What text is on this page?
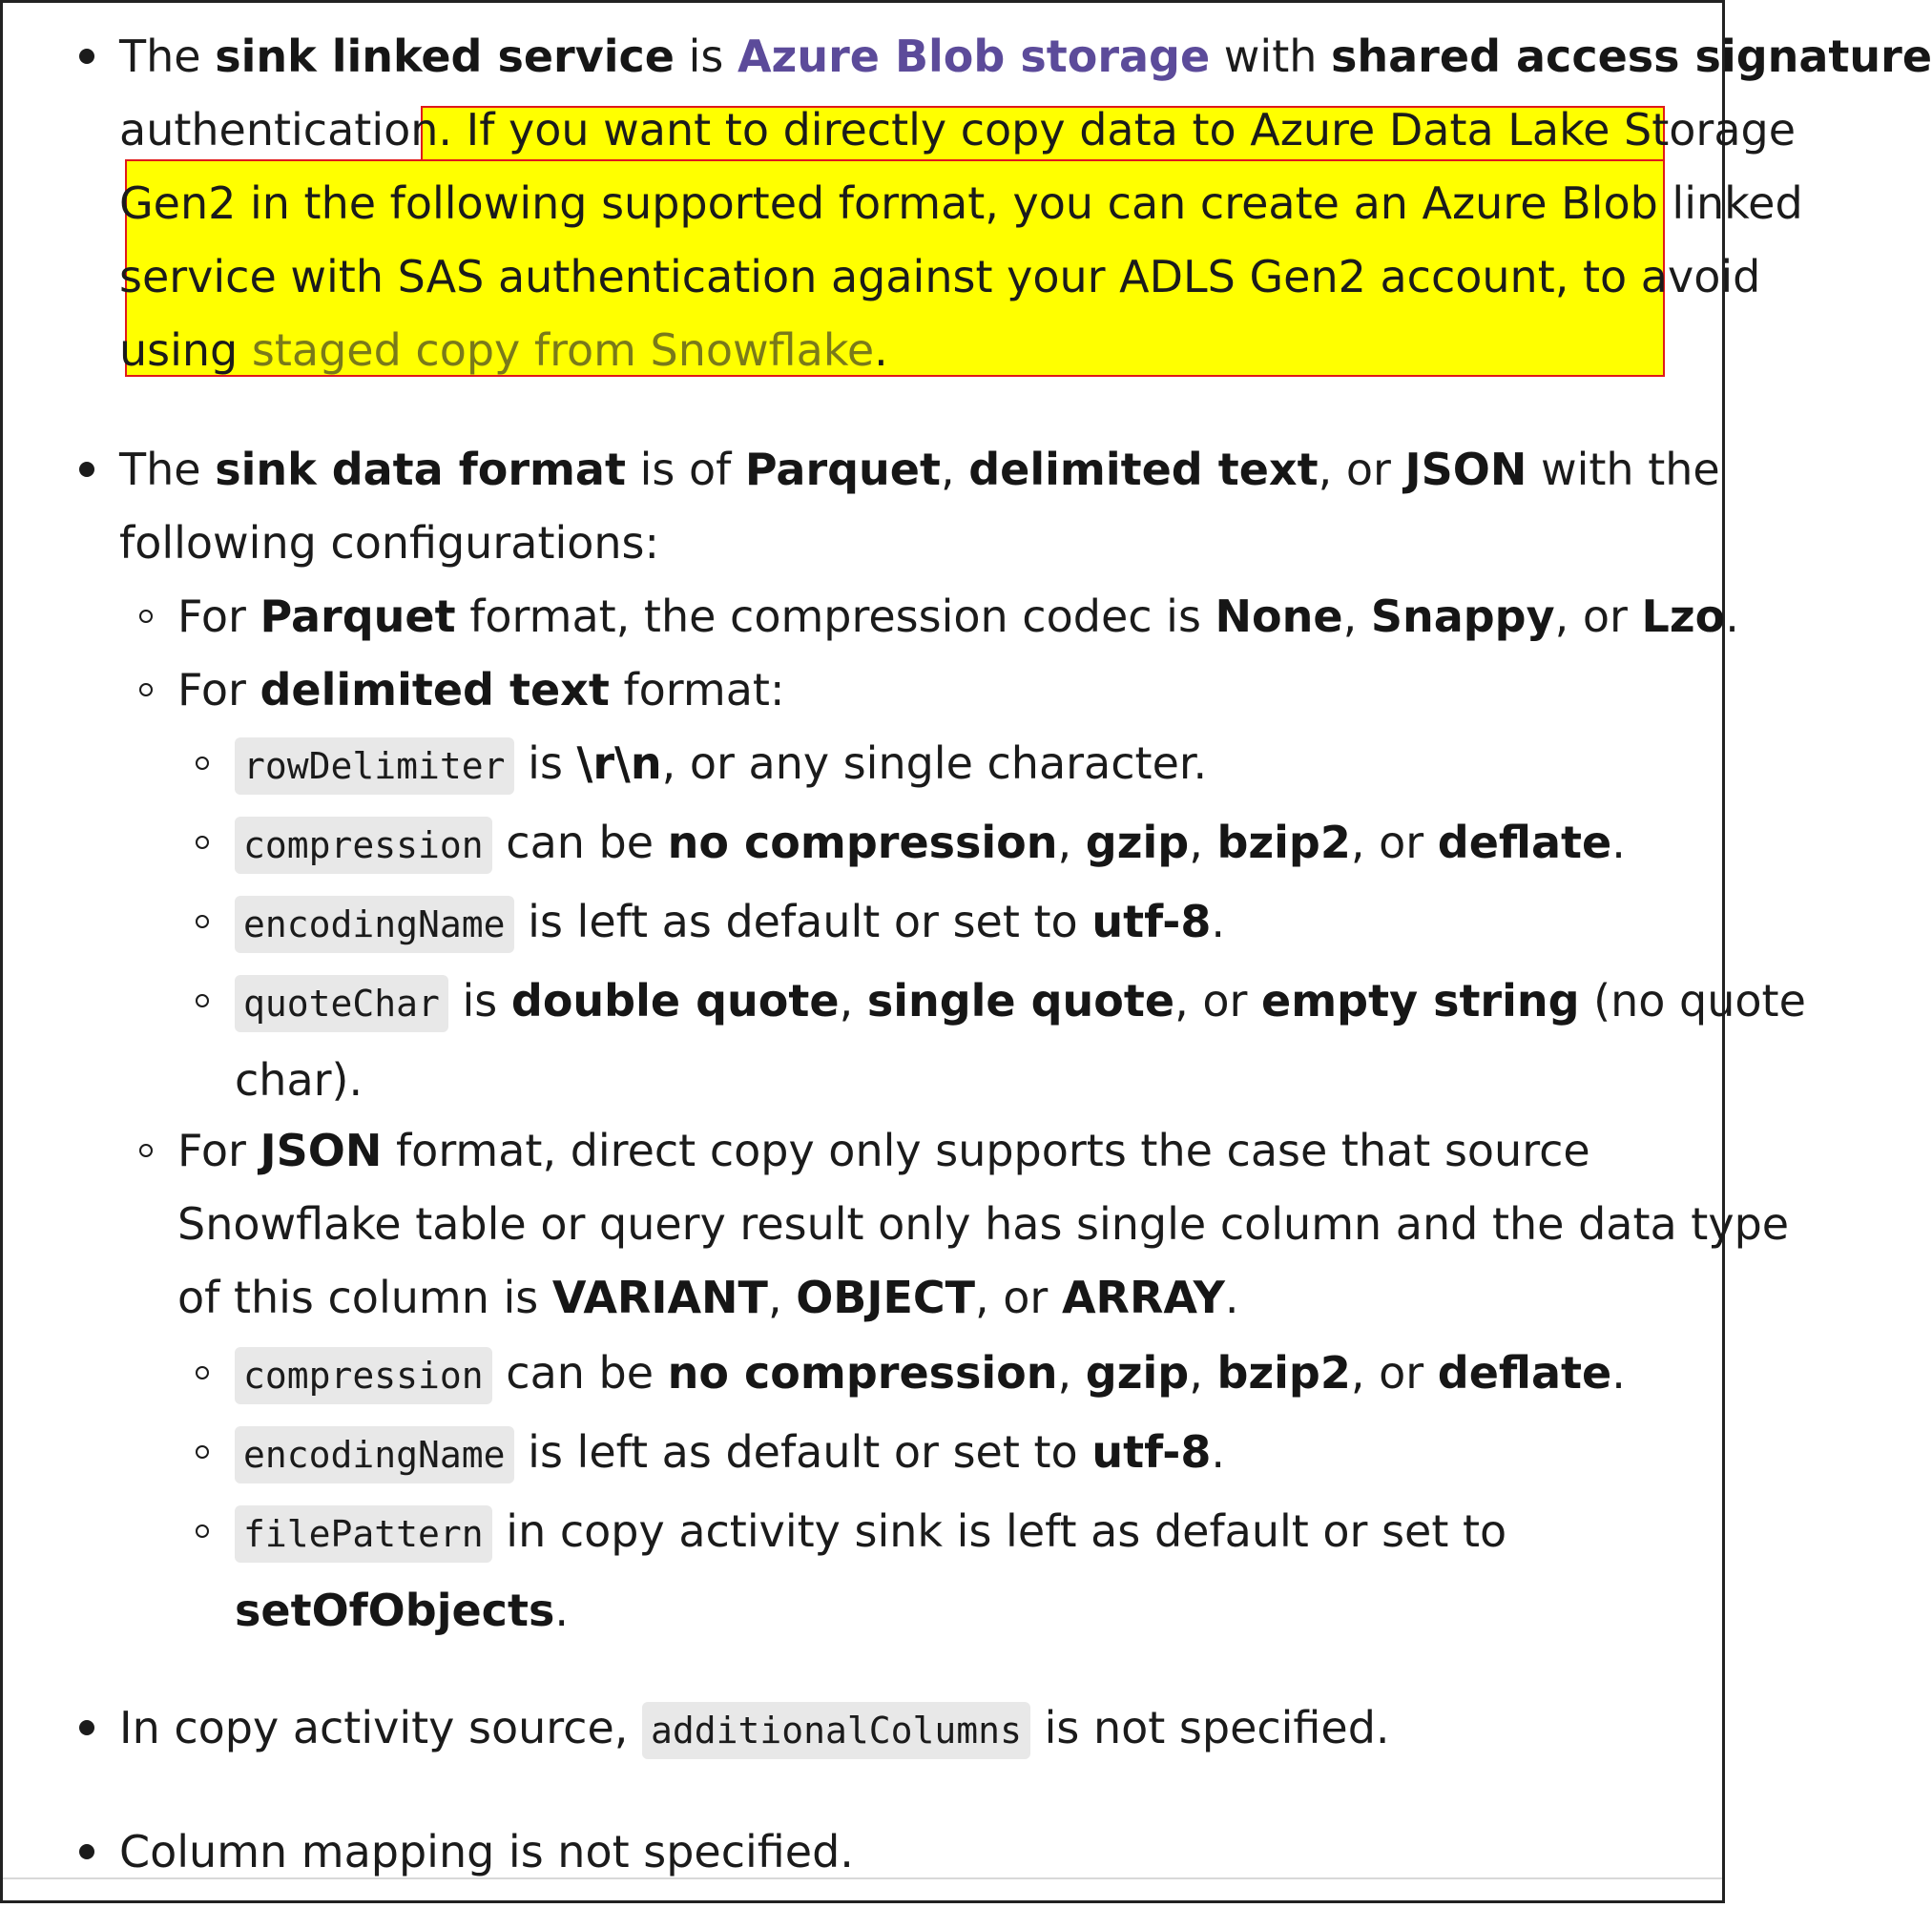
The sink linked service is Azure Blob storage with shared access signature
authentication. If you want to directly copy data to Azure Data Lake Storage
Gen2 in the following supported format, you can create an Azure Blob linked
service with SAS authentication against your ADLS Gen2 account, to avoid
using staged copy from Snowflake.
The sink data format is of Parquet, delimited text, or JSON with the
following configurations:
For Parquet format, the compression codec is None, Snappy, or Lzo.
For delimited text format:
rowDelimiter is \r\n, or any single character.
compression can be no compression, gzip, bzip2, or deflate.
encodingName is left as default or set to utf-8.
quoteChar is double quote, single quote, or empty string (no quote
char).
For JSON format, direct copy only supports the case that source
Snowflake table or query result only has single column and the data type
of this column is VARIANT, OBJECT, or ARRAY.
compression can be no compression, gzip, bzip2, or deflate.
encodingName is left as default or set to utf-8.
filePattern in copy activity sink is left as default or set to
setOfObjects.
In copy activity source, additionalColumns is not specified.
Column mapping is not specified.
